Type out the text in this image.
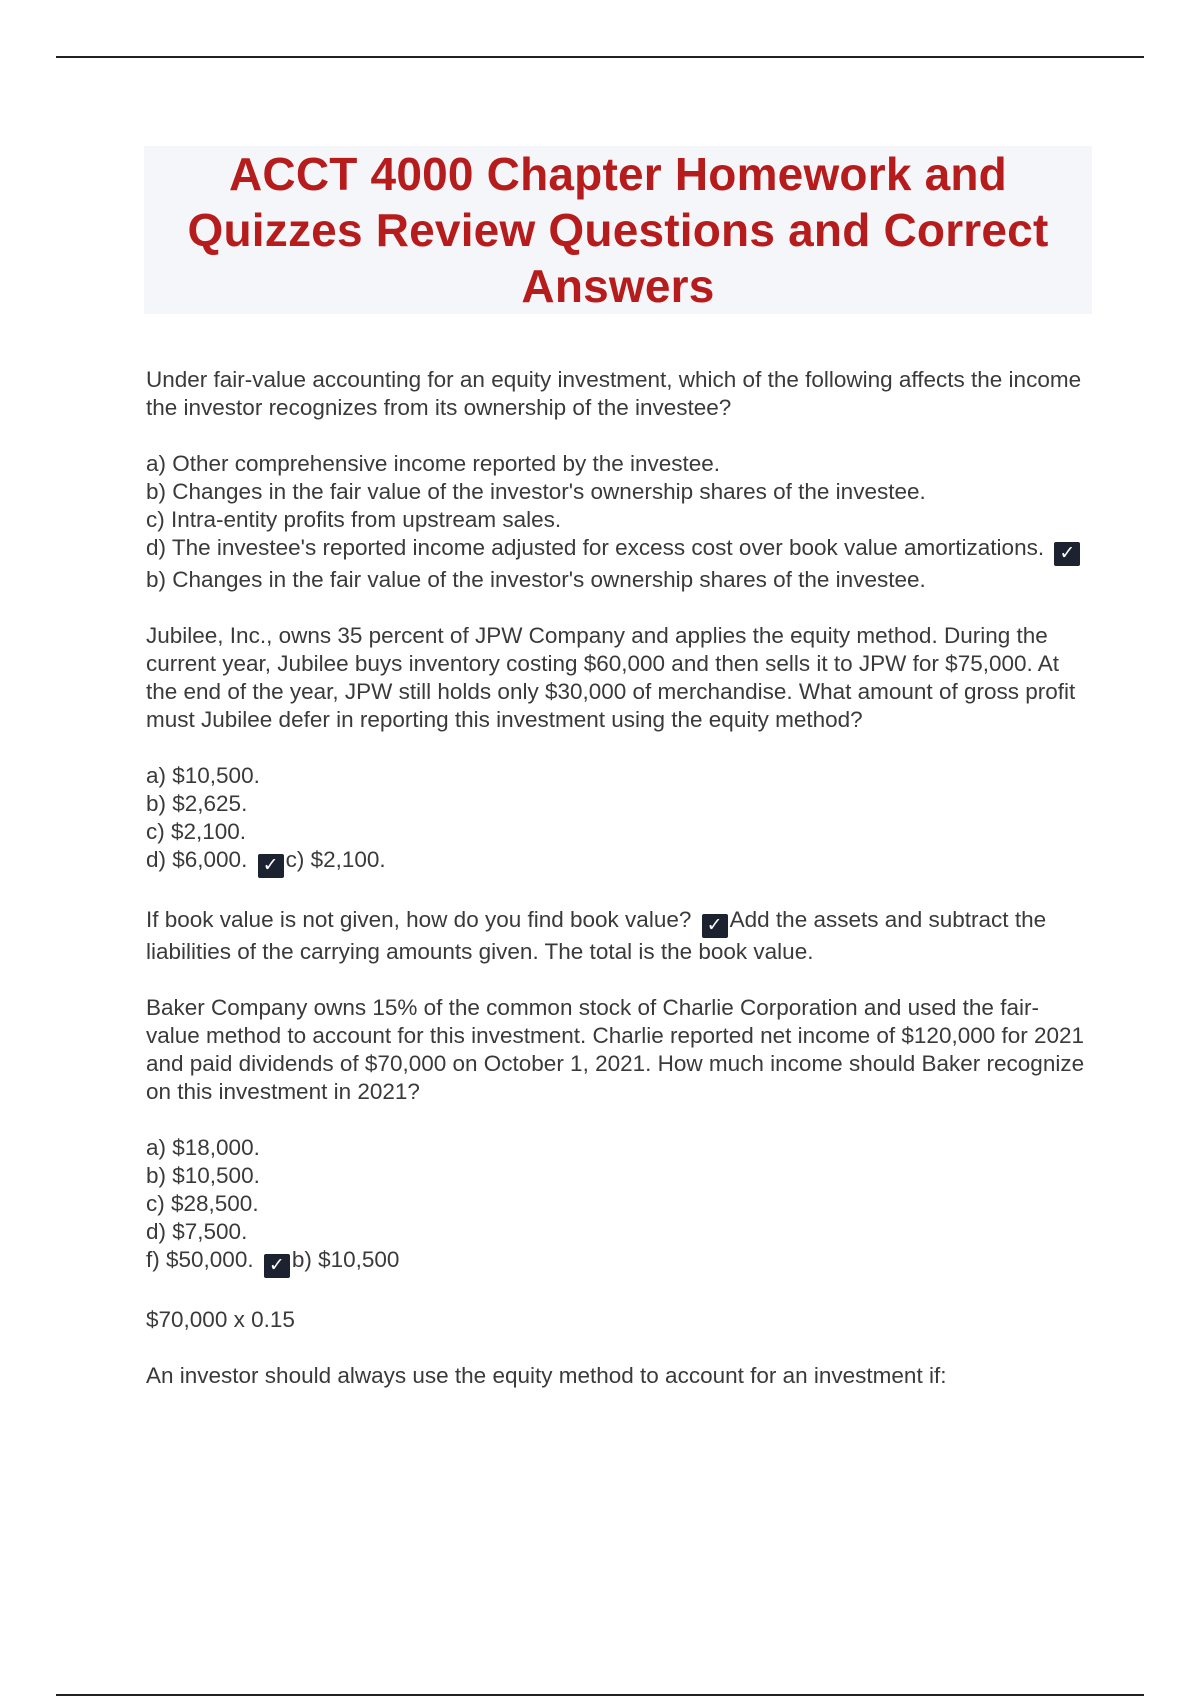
ACCT 4000 Chapter Homework and Quizzes Review Questions and Correct Answers
Under fair-value accounting for an equity investment, which of the following affects the income the investor recognizes from its ownership of the investee?
a) Other comprehensive income reported by the investee.
b) Changes in the fair value of the investor's ownership shares of the investee.
c) Intra-entity profits from upstream sales.
d) The investee's reported income adjusted for excess cost over book value amortizations. ✓b) Changes in the fair value of the investor's ownership shares of the investee.
Jubilee, Inc., owns 35 percent of JPW Company and applies the equity method. During the current year, Jubilee buys inventory costing $60,000 and then sells it to JPW for $75,000. At the end of the year, JPW still holds only $30,000 of merchandise. What amount of gross profit must Jubilee defer in reporting this investment using the equity method?
a) $10,500.
b) $2,625.
c) $2,100.
d) $6,000. ✓ c) $2,100.
If book value is not given, how do you find book value? ✓ Add the assets and subtract the liabilities of the carrying amounts given. The total is the book value.
Baker Company owns 15% of the common stock of Charlie Corporation and used the fair-value method to account for this investment. Charlie reported net income of $120,000 for 2021 and paid dividends of $70,000 on October 1, 2021. How much income should Baker recognize on this investment in 2021?
a) $18,000.
b) $10,500.
c) $28,500.
d) $7,500.
f) $50,000. ✓ b) $10,500
$70,000 x 0.15
An investor should always use the equity method to account for an investment if:
